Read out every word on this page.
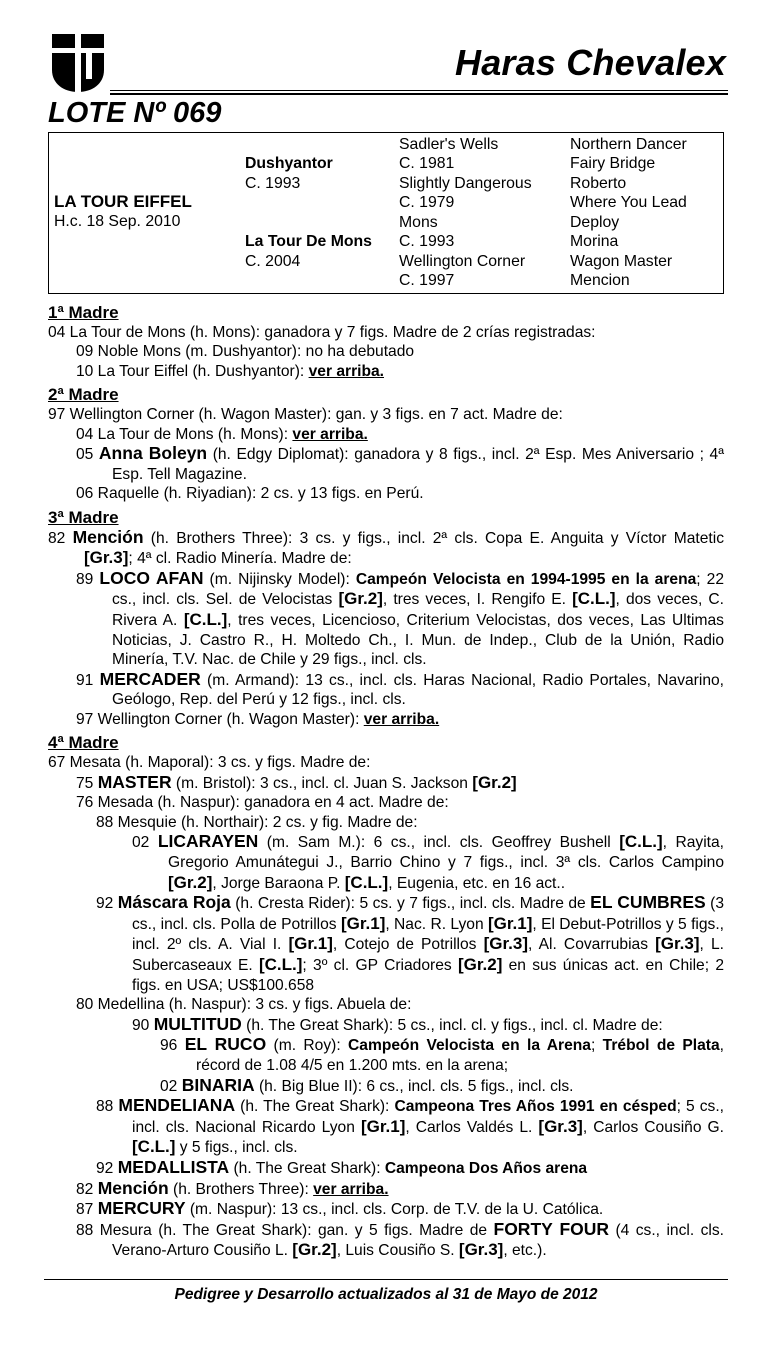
Haras Chevalex
LOTE Nº 069
LA TOUR EIFFEL
H.c. 18 Sep. 2010
Dushyantor
C. 1993
La Tour De Mons
C. 2004
Sadler's Wells
C. 1981
Slightly Dangerous
C. 1979
Mons
C. 1993
Wellington Corner
C. 1997
Northern Dancer
Fairy Bridge
Roberto
Where You Lead
Deploy
Morina
Wagon Master
Mencion
1ª Madre
04 La Tour de Mons (h. Mons): ganadora y 7 figs. Madre de 2 crías registradas:
09 Noble Mons (m. Dushyantor): no ha debutado
10 La Tour Eiffel (h. Dushyantor): ver arriba.
2ª Madre
97 Wellington Corner (h. Wagon Master): gan. y 3 figs. en 7 act. Madre de:
04 La Tour de Mons (h. Mons): ver arriba.
05 Anna Boleyn (h. Edgy Diplomat): ganadora y 8 figs., incl. 2ª Esp. Mes Aniversario ; 4ª Esp. Tell Magazine.
06 Raquelle (h. Riyadian): 2 cs. y 13 figs. en Perú.
3ª Madre
82 Mención (h. Brothers Three): 3 cs. y figs., incl. 2ª cls. Copa E. Anguita y Víctor Matetic [Gr.3]; 4ª cl. Radio Minería. Madre de:
89 LOCO AFAN (m. Nijinsky Model): Campeón Velocista en 1994-1995 en la arena; 22 cs., incl. cls. Sel. de Velocistas [Gr.2], tres veces, I. Rengifo E. [C.L.], dos veces, C. Rivera A. [C.L.], tres veces, Licencioso, Criterium Velocistas, dos veces, Las Ultimas Noticias, J. Castro R., H. Moltedo Ch., I. Mun. de Indep., Club de la Unión, Radio Minería, T.V. Nac. de Chile y 29 figs., incl. cls.
91 MERCADER (m. Armand): 13 cs., incl. cls. Haras Nacional, Radio Portales, Navarino, Geólogo, Rep. del Perú y 12 figs., incl. cls.
97 Wellington Corner (h. Wagon Master): ver arriba.
4ª Madre
67 Mesata (h. Maporal): 3 cs. y figs. Madre de:
75 MASTER (m. Bristol): 3 cs., incl. cl. Juan S. Jackson [Gr.2]
76 Mesada (h. Naspur): ganadora en 4 act. Madre de:
88 Mesquie (h. Northair): 2 cs. y fig. Madre de:
02 LICARAYEN (m. Sam M.): 6 cs., incl. cls. Geoffrey Bushell [C.L.], Rayita, Gregorio Amunátegui J., Barrio Chino y 7 figs., incl. 3ª cls. Carlos Campino [Gr.2], Jorge Baraona P. [C.L.], Eugenia, etc. en 16 act..
92 Máscara Roja (h. Cresta Rider): 5 cs. y 7 figs., incl. cls. Madre de EL CUMBRES (3 cs., incl. cls. Polla de Potrillos [Gr.1], Nac. R. Lyon [Gr.1], El Debut-Potrillos y 5 figs., incl. 2º cls. A. Vial I. [Gr.1], Cotejo de Potrillos [Gr.3], Al. Covarrubias [Gr.3], L. Subercaseaux E. [C.L.]; 3º cl. GP Criadores [Gr.2] en sus únicas act. en Chile; 2 figs. en USA; US$100.658
80 Medellina (h. Naspur): 3 cs. y figs. Abuela de:
90 MULTITUD (h. The Great Shark): 5 cs., incl. cl. y figs., incl. cl. Madre de:
96 EL RUCO (m. Roy): Campeón Velocista en la Arena; Trébol de Plata, récord de 1.08 4/5 en 1.200 mts. en la arena;
02 BINARIA (h. Big Blue II): 6 cs., incl. cls. 5 figs., incl. cls.
88 MENDELIANA (h. The Great Shark): Campeona Tres Años 1991 en césped; 5 cs., incl. cls. Nacional Ricardo Lyon [Gr.1], Carlos Valdés L. [Gr.3], Carlos Cousiño G. [C.L.] y 5 figs., incl. cls.
92 MEDALLISTA (h. The Great Shark): Campeona Dos Años arena
82 Mención (h. Brothers Three): ver arriba.
87 MERCURY (m. Naspur): 13 cs., incl. cls. Corp. de T.V. de la U. Católica.
88 Mesura (h. The Great Shark): gan. y 5 figs. Madre de FORTY FOUR (4 cs., incl. cls. Verano-Arturo Cousiño L. [Gr.2], Luis Cousiño S. [Gr.3], etc.).
Pedigree y Desarrollo actualizados al 31 de Mayo de 2012
